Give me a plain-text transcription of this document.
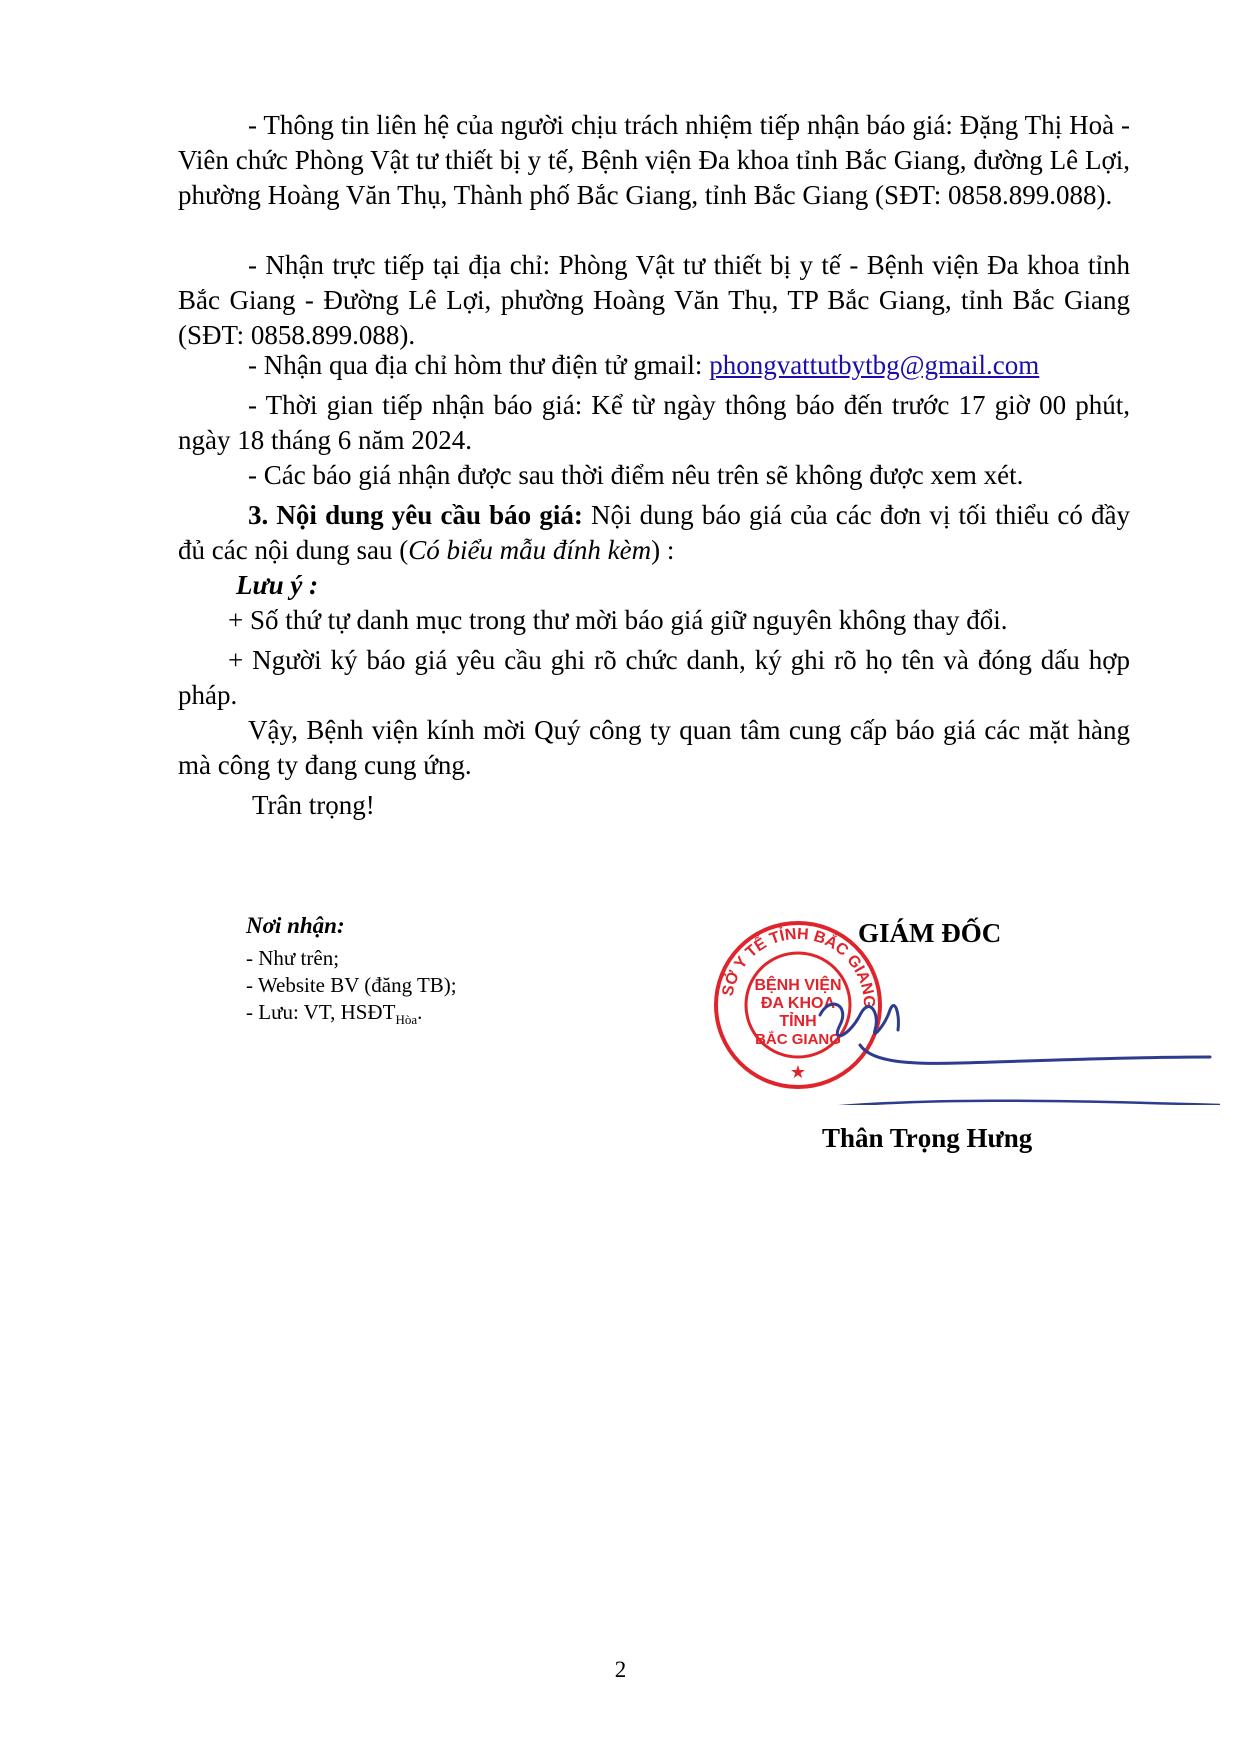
- Thông tin liên hệ của người chịu trách nhiệm tiếp nhận báo giá: Đặng Thị Hoà - Viên chức Phòng Vật tư thiết bị y tế, Bệnh viện Đa khoa tỉnh Bắc Giang, đường Lê Lợi, phường Hoàng Văn Thụ, Thành phố Bắc Giang, tỉnh Bắc Giang (SĐT: 0858.899.088).

- Nhận trực tiếp tại địa chỉ: Phòng Vật tư thiết bị y tế - Bệnh viện Đa khoa tỉnh Bắc Giang - Đường Lê Lợi, phường Hoàng Văn Thụ, TP Bắc Giang, tỉnh Bắc Giang (SĐT: 0858.899.088).

- Nhận qua địa chỉ hòm thư điện tử gmail: phongvattutbytbg@gmail.com

- Thời gian tiếp nhận báo giá: Kể từ ngày thông báo đến trước 17 giờ 00 phút, ngày 18 tháng 6 năm 2024.

- Các báo giá nhận được sau thời điểm nêu trên sẽ không được xem xét.

3. Nội dung yêu cầu báo giá: Nội dung báo giá của các đơn vị tối thiểu có đầy đủ các nội dung sau (Có biểu mẫu đính kèm) :

Lưu ý :

+ Số thứ tự danh mục trong thư mời báo giá giữ nguyên không thay đổi.

+ Người ký báo giá yêu cầu ghi rõ chức danh, ký ghi rõ họ tên và đóng dấu hợp pháp.

Vậy, Bệnh viện kính mời Quý công ty quan tâm cung cấp báo giá các mặt hàng mà công ty đang cung ứng.

Trân trọng!

Nơi nhận:
- Như trên;
- Website BV (đăng TB);
- Lưu: VT, $HSĐT_{Hòa}$.
GIÁM ĐỐC
SỞ Y TẾ TỈNH BẮC GIANG
BỆNH VIỆN
ĐA KHOA
TỈNH
BẮC GIANG
★
Thân Trọng Hưng
2
